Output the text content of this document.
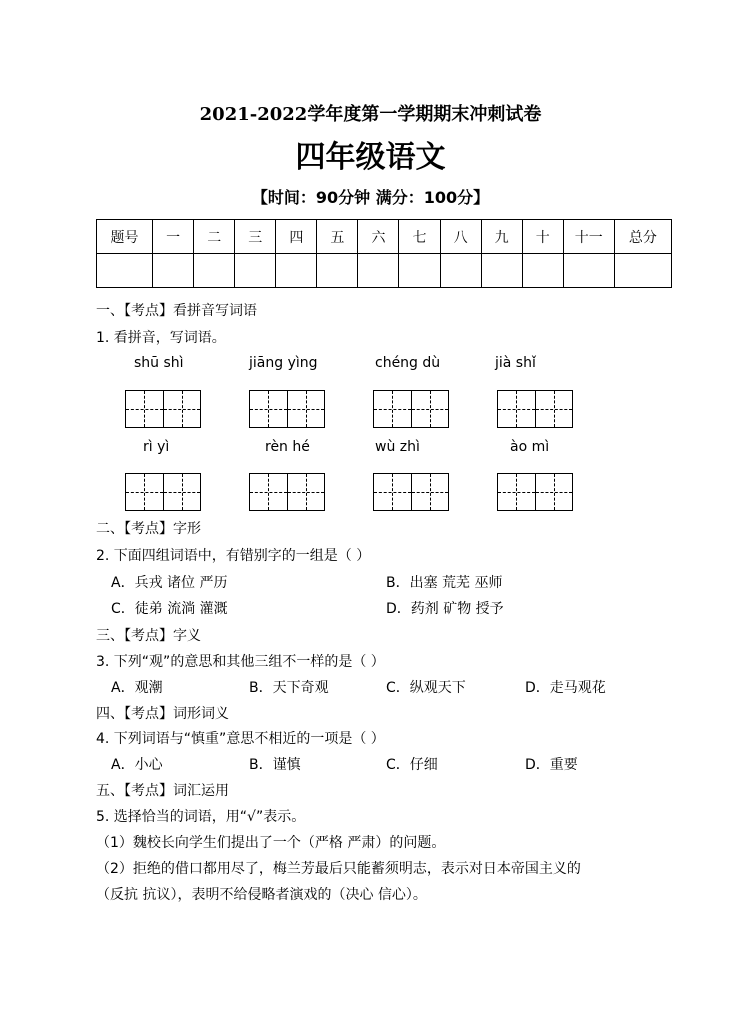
2021-2022学年度第一学期期末冲刺试卷
四年级语文
【时间：90分钟 满分：100分】
题号	一	二	三	四	五	六	七	八	九	十	十一	总分

一、【考点】看拼音写词语
1. 看拼音，写词语。
shū shì	jiāng yìng	chéng dù	jià shǐ
rì yì	rèn hé	wù zhì	ào mì
二、【考点】字形
2. 下面四组词语中，有错别字的一组是（ ）
A．兵戎 诸位 严历	B．出塞 荒芜 巫师
C．徒弟 流淌 灌溉	D．药剂 矿物 授予
三、【考点】字义
3. 下列“观”的意思和其他三组不一样的是（ ）
A．观潮	B．天下奇观	C．纵观天下	D．走马观花
四、【考点】词形词义
4. 下列词语与“慎重”意思不相近的一项是（ ）
A．小心	B．谨慎	C．仔细	D．重要
五、【考点】词汇运用
5. 选择恰当的词语，用“√”表示。
（1）魏校长向学生们提出了一个（严格 严肃）的问题。
（2）拒绝的借口都用尽了，梅兰芳最后只能蓄须明志，表示对日本帝国主义的
（反抗 抗议），表明不给侵略者演戏的（决心 信心）。
